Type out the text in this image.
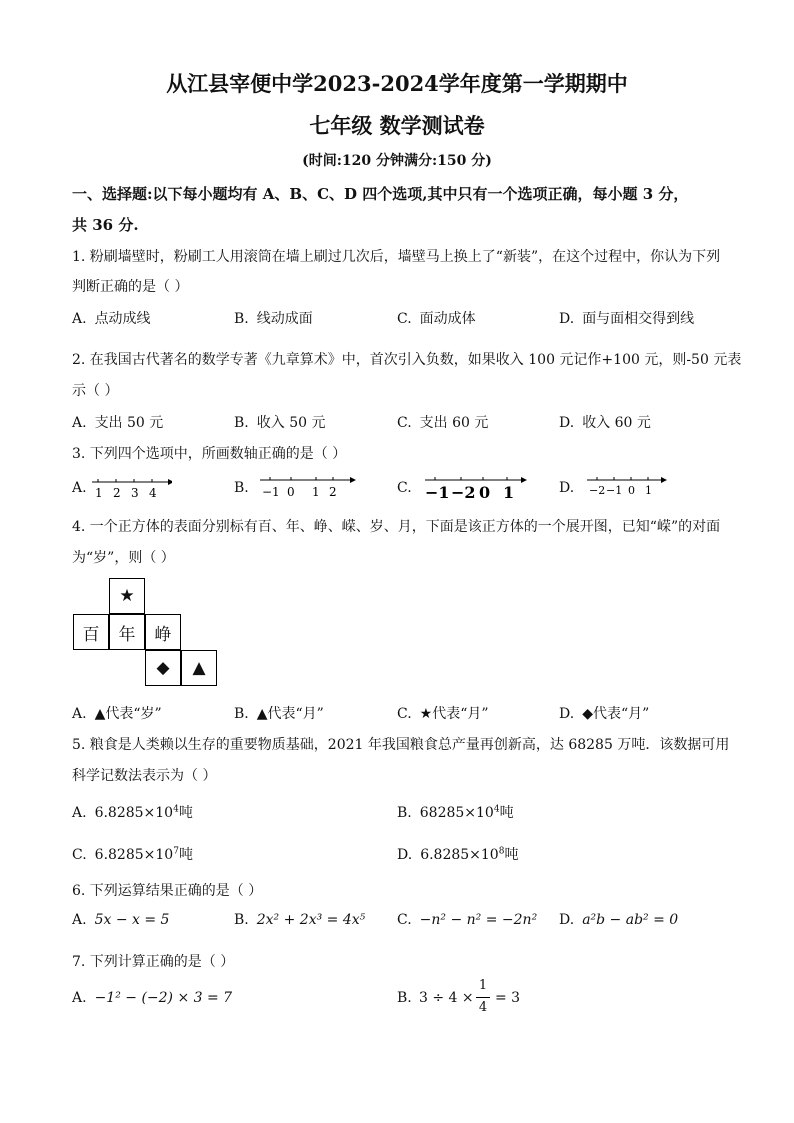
从江县宰便中学2023-2024学年度第一学期期中
七年级 数学测试卷
(时间:120 分钟满分:150 分)
一、选择题:以下每小题均有 A、B、C、D 四个选项,其中只有一个选项正确，每小题 3 分，
共 36 分.
1. 粉刷墙壁时，粉刷工人用滚筒在墙上刷过几次后，墙壁马上换上了“新装”，在这个过程中，你认为下列
判断正确的是（ ）
A. 点动成线	B. 线动成面	C. 面动成体	D. 面与面相交得到线
2. 在我国古代著名的数学专著《九章算术》中，首次引入负数，如果收入 100 元记作+100 元，则-50 元表
示（ ）
A. 支出 50 元	B. 收入 50 元	C. 支出 60 元	D. 收入 60 元
3. 下列四个选项中，所画数轴正确的是（ ）
A. 1 2 3 4	B. −1 0 1 2	C. −1 −2 0 1	D. −2 −1 0 1
4. 一个正方体的表面分别标有百、年、峥、嵘、岁、月，下面是该正方体的一个展开图，已知“嵘”的对面
为“岁”，则（ ）
★
百	年	峥
◆	▲
A. ▲代表“岁”	B. ▲代表“月”	C. ★代表“月”	D. ◆代表“月”
5. 粮食是人类赖以生存的重要物质基础，2021 年我国粮食总产量再创新高，达 68285 万吨．该数据可用
科学记数法表示为（ ）
A. $6.8285\times 10^4$吨	B. $68285\times 10^4$吨
C. $6.8285\times 10^7$吨	D. $6.8285\times 10^8$吨
6. 下列运算结果正确的是（ ）
A. 5x − x = 5	B. 2x² + 2x³ = 4x⁵ C. −n² − n² = −2n² D. a²b − ab² = 0
7. 下列计算正确的是（ ）
A. −1² − (−2) × 3 = 7	B. 3 ÷ 4 ×
1
4
= 3
